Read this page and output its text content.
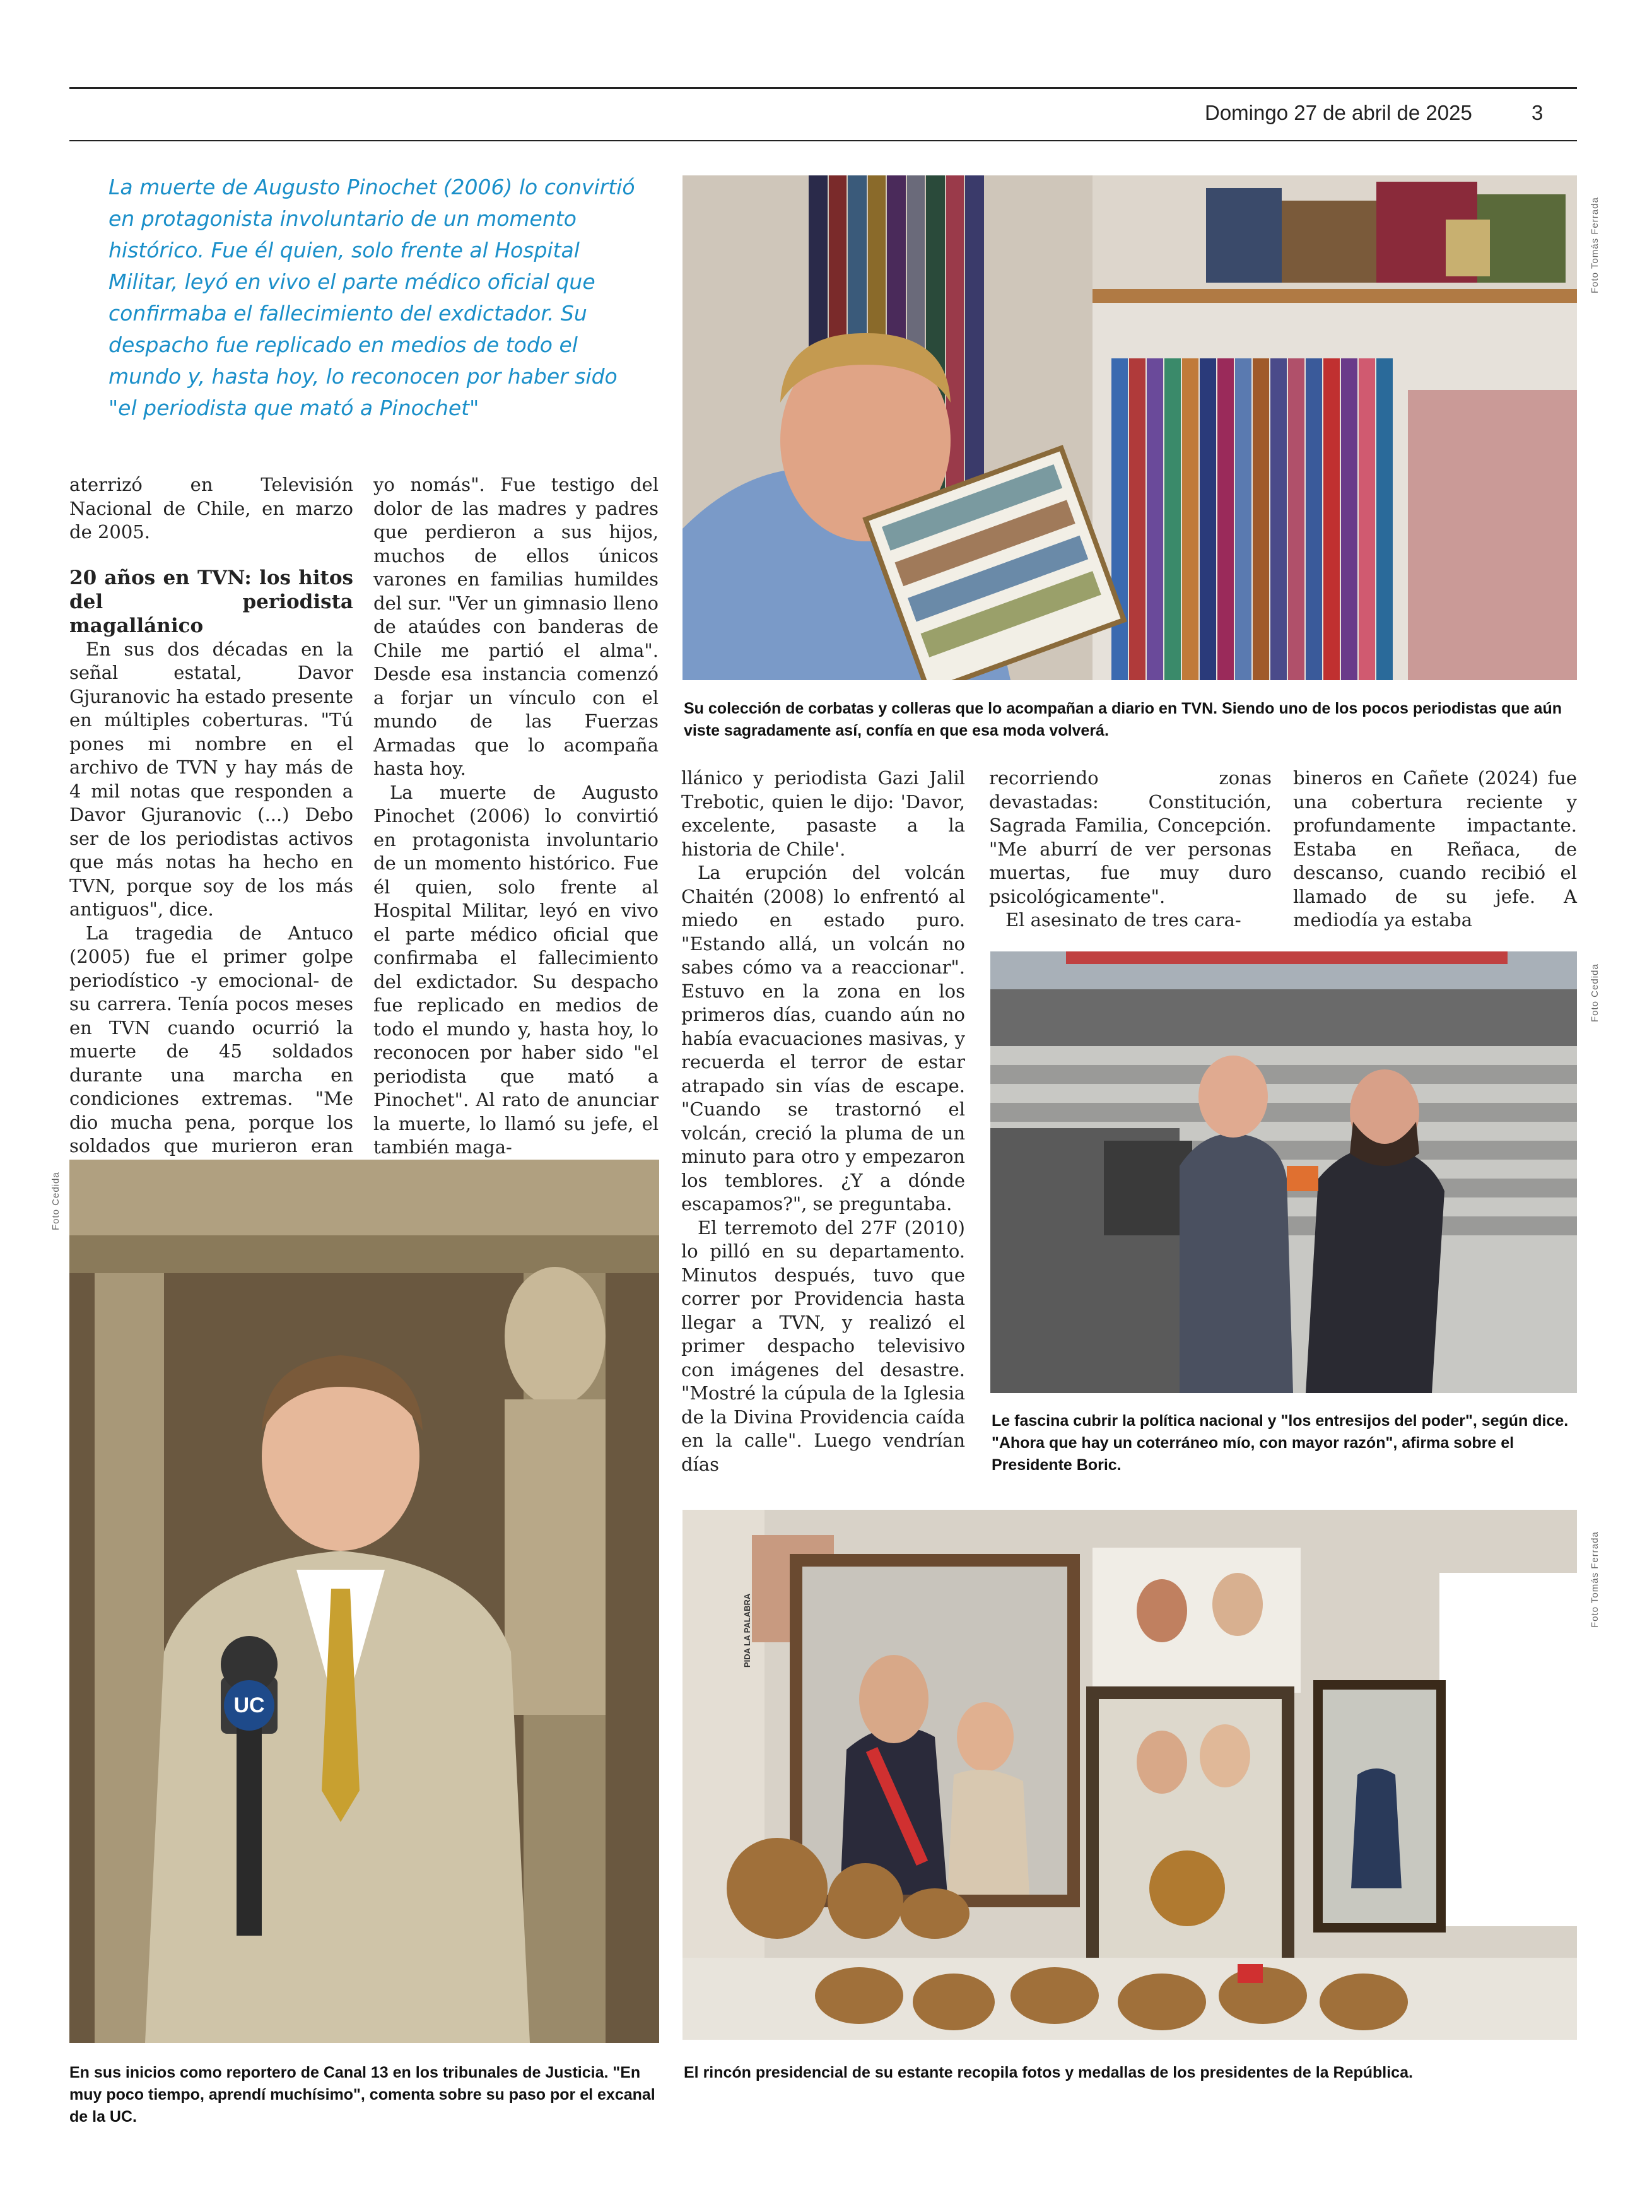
Domingo 27 de abril de 2025	3
La muerte de Augusto Pinochet (2006) lo convirtió en protagonista involuntario de un momento histórico. Fue él quien, solo frente al Hospital Militar, leyó en vivo el parte médico oficial que confirmaba el fallecimiento del exdictador. Su despacho fue replicado en medios de todo el mundo y, hasta hoy, lo reconocen por haber sido "el periodista que mató a Pinochet"

aterrizó en Televisión Nacional de Chile, en marzo de 2005.

20 años en TVN: los hitos del periodista magallánico

En sus dos décadas en la señal estatal, Davor Gjuranovic ha estado presente en múltiples coberturas. "Tú pones mi nombre en el archivo de TVN y hay más de 4 mil notas que responden a Davor Gjuranovic (...) Debo ser de los periodistas activos que más notas ha hecho en TVN, porque soy de los más antiguos", dice.

La tragedia de Antuco (2005) fue el primer golpe periodístico -y emocional- de su carrera. Tenía pocos meses en TVN cuando ocurrió la muerte de 45 soldados durante una marcha en condiciones extremas. "Me dio mucha pena, porque los soldados que murieron eran

yo nomás". Fue testigo del dolor de las madres y padres que perdieron a sus hijos, muchos de ellos únicos varones en familias humildes del sur. "Ver un gimnasio lleno de ataúdes con banderas de Chile me partió el alma". Desde esa instancia comenzó a forjar un vínculo con el mundo de las Fuerzas Armadas que lo acompaña hasta hoy.

La muerte de Augusto Pinochet (2006) lo convirtió en protagonista involuntario de un momento histórico. Fue él quien, solo frente al Hospital Militar, leyó en vivo el parte médico oficial que confirmaba el fallecimiento del exdictador. Su despacho fue replicado en medios de todo el mundo y, hasta hoy, lo reconocen por haber sido "el periodista que mató a Pinochet". Al rato de anunciar la muerte, lo llamó su jefe, el también maga-

llánico y periodista Gazi Jalil Trebotic, quien le dijo: 'Davor, excelente, pasaste a la historia de Chile'.

La erupción del volcán Chaitén (2008) lo enfrentó al miedo en estado puro. "Estando allá, un volcán no sabes cómo va a reaccionar". Estuvo en la zona en los primeros días, cuando aún no había evacuaciones masivas, y recuerda el terror de estar atrapado sin vías de escape. "Cuando se trastornó el volcán, creció la pluma de un minuto para otro y empezaron los temblores. ¿Y a dónde escapamos?", se preguntaba.

El terremoto del 27F (2010) lo pilló en su departamento. Minutos después, tuvo que correr por Providencia hasta llegar a TVN, y realizó el primer despacho televisivo con imágenes del desastre. "Mostré la cúpula de la Iglesia de la Divina Providencia caída en la calle". Luego vendrían días

recorriendo zonas devastadas: Constitución, Sagrada Familia, Concepción. "Me aburrí de ver personas muertas, fue muy duro psicológicamente".

El asesinato de tres cara-

bineros en Cañete (2024) fue una cobertura reciente y profundamente impactante. Estaba en Reñaca, de descanso, cuando recibió el llamado de su jefe. A mediodía ya estaba

Foto Tomás Ferrada
Su colección de corbatas y colleras que lo acompañan a diario en TVN. Siendo uno de los pocos periodistas que aún viste sagradamente así, confía en que esa moda volverá.
Foto Cedida
Le fascina cubrir la política nacional y "los entresijos del poder", según dice. "Ahora que hay un coterráneo mío, con mayor razón", afirma sobre el Presidente Boric.
UC
Foto Cedida
En sus inicios como reportero de Canal 13 en los tribunales de Justicia. "En muy poco tiempo, aprendí muchísimo", comenta sobre su paso por el excanal de la UC.
PIDA LA PALABRA
Foto Tomás Ferrada
El rincón presidencial de su estante recopila fotos y medallas de los presidentes de la República.
